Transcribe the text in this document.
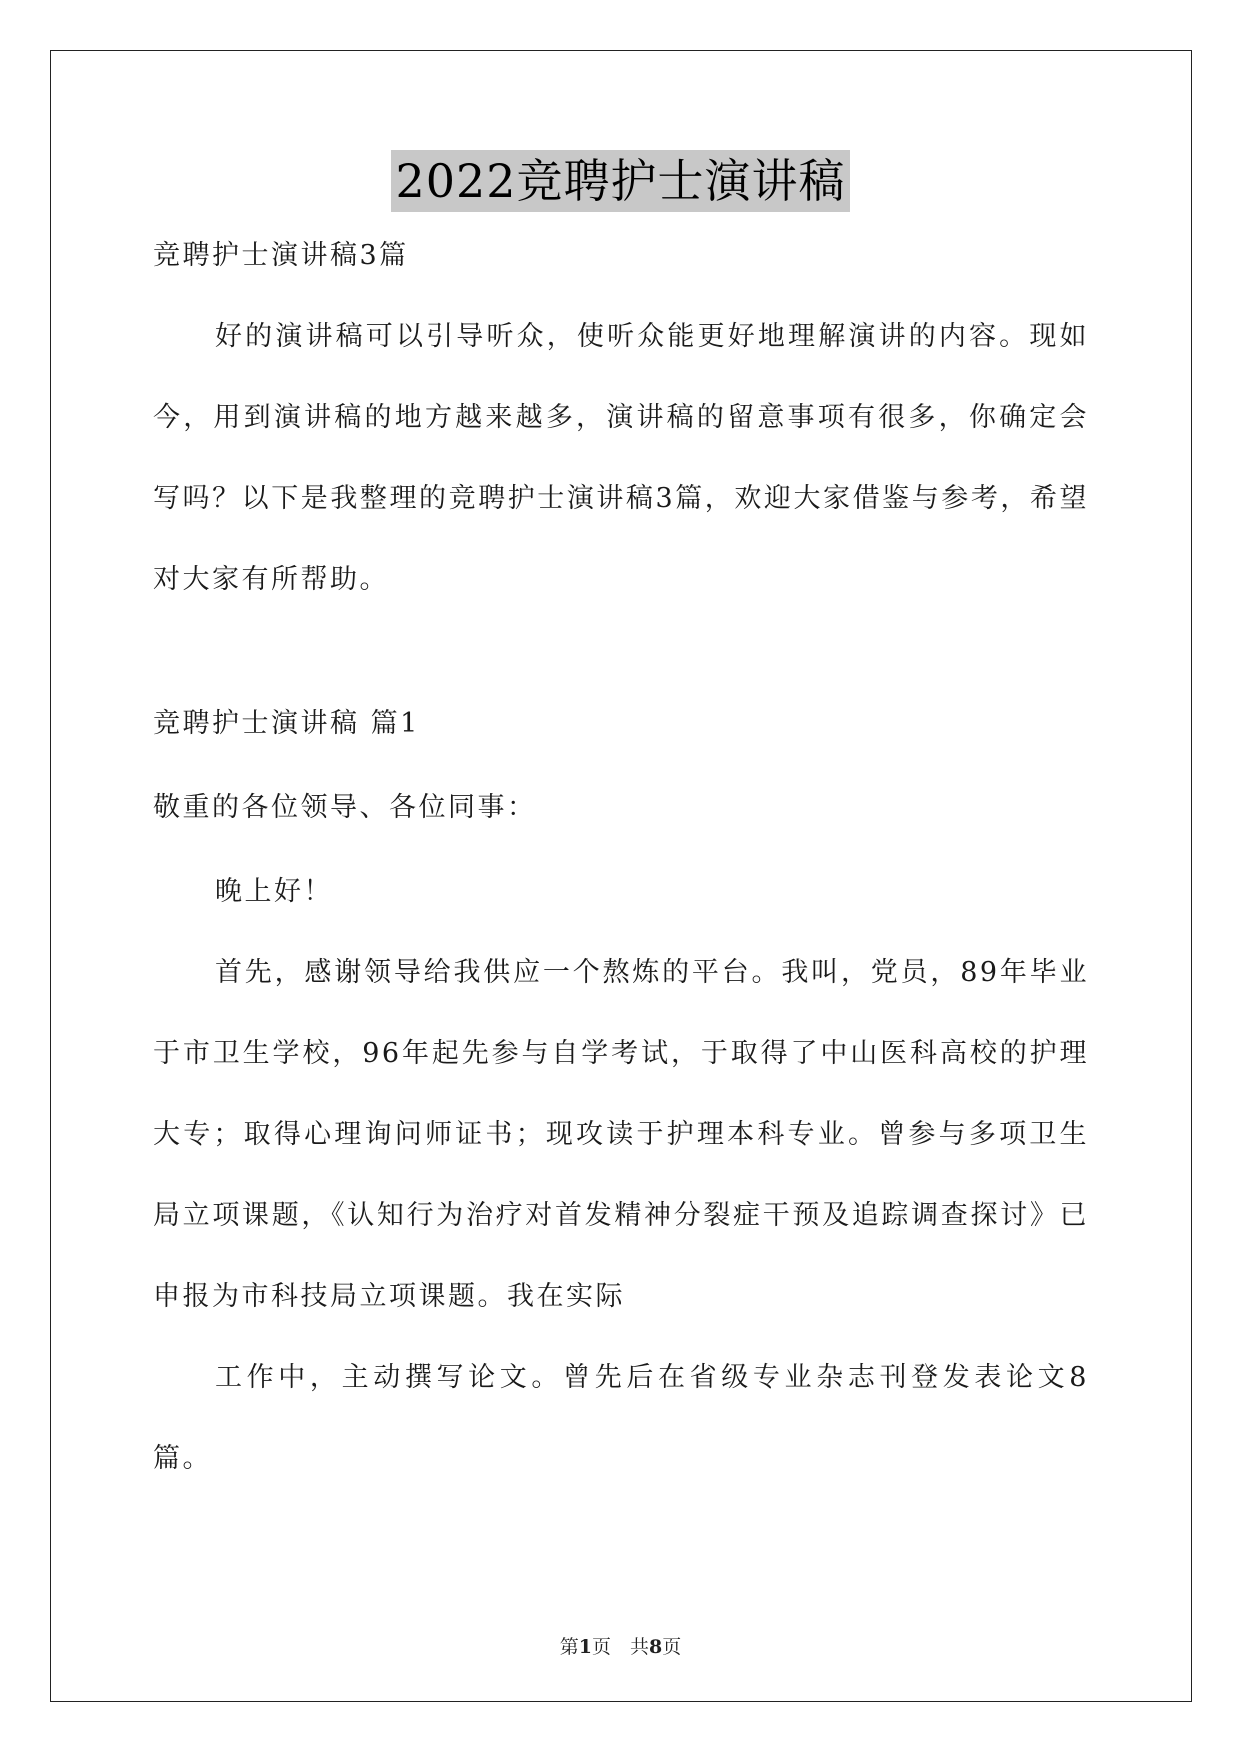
2022竞聘护士演讲稿
竞聘护士演讲稿3篇

好的演讲稿可以引导听众，使听众能更好地理解演讲的内容。现如今，用到演讲稿的地方越来越多，演讲稿的留意事项有很多，你确定会写吗？以下是我整理的竞聘护士演讲稿3篇，欢迎大家借鉴与参考，希望对大家有所帮助。

竞聘护士演讲稿 篇1
敬重的各位领导、各位同事：
晚上好！

首先，感谢领导给我供应一个熬炼的平台。我叫，党员，89年毕业于市卫生学校，96年起先参与自学考试，于取得了中山医科高校的护理大专；取得心理询问师证书；现攻读于护理本科专业。曾参与多项卫生局立项课题，《认知行为治疗对首发精神分裂症干预及追踪调查探讨》已申报为市科技局立项课题。我在实际

工作中，主动撰写论文。曾先后在省级专业杂志刊登发表论文8篇。

第1页　共8页
